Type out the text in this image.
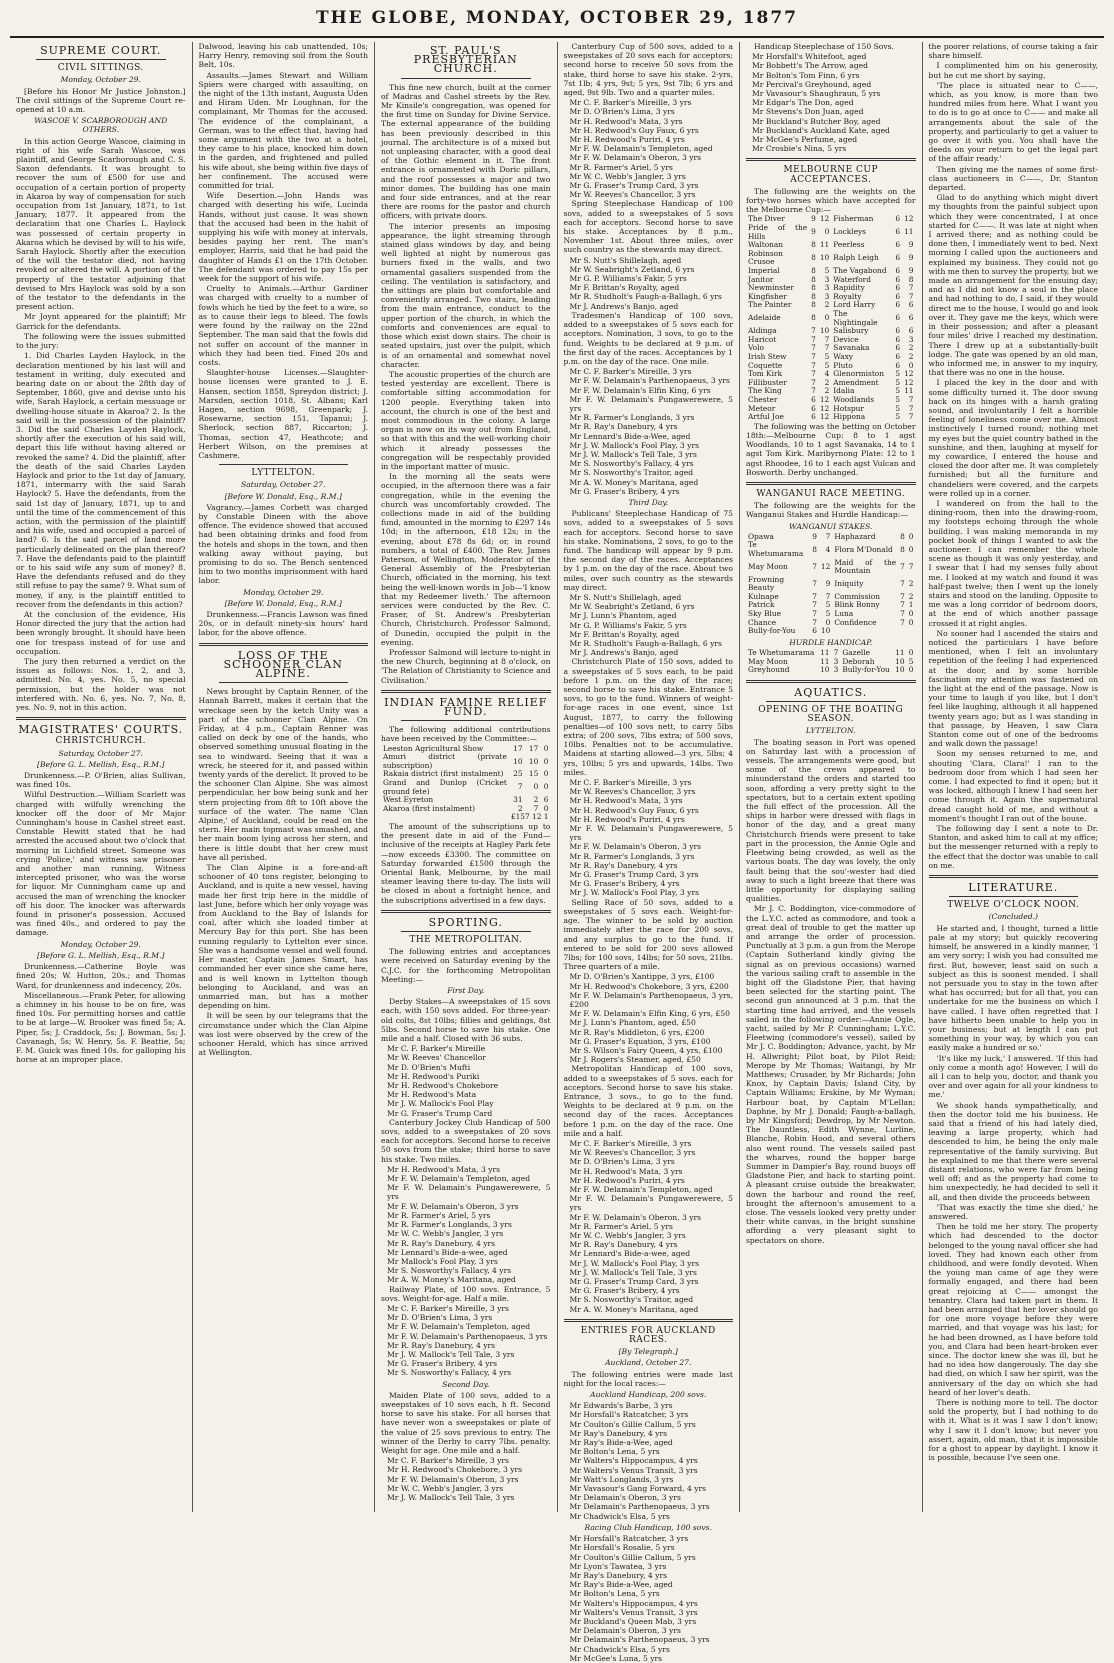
THE GLOBE, MONDAY, OCTOBER 29, 1877
SUPREME COURT.
CIVIL SITTINGS.
Monday, October 29.

[Before his Honor Mr Justice Johnston.] The civil sittings of the Supreme Court re-opened at 10 a.m.

WASCOE V. SCARBOROUGH AND OTHERS.

In this action George Wascoe, claiming in right of his wife Sarah Wascoe, was plaintiff, and George Scarborough and C. S. Saxon defendants. It was brought to recover the sum of £500 for use and occupation of a certain portion of property in Akaroa by way of compensation for such occupation from 1st January, 1871, to 1st January, 1877. It appeared from the declaration that one Charles L. Haylock was possessed of certain property in Akaroa which he devised by will to his wife, Sarah Haylock. Shortly after the execution of the will the testator died, not having revoked or altered the will. A portion of the property of the testator adjoining that devised to Mrs Haylock was sold by a son of the testator to the defendants in the present action.

Mr Joynt appeared for the plaintiff; Mr Garrick for the defendants.

The following were the issues submitted to the jury:

1. Did Charles Layden Haylock, in the declaration mentioned by his last will and testament in writing, duly executed and bearing date on or about the 28th day of September, 1860, give and devise unto his wife, Sarah Haylock, a certain messuage or dwelling-house situate in Akaroa? 2. Is the said will in the possession of the plaintiff? 3. Did the said Charles Layden Haylock, shortly after the execution of his said will, depart this life without having altered or revoked the same? 4. Did the plaintiff, after the death of the said Charles Layden Haylock and prior to the 1st day of January, 1871, intermarry with the said Sarah Haylock? 5. Have the defendants, from the said 1st day of January, 1871, up to and until the time of the commencement of this action, with the permission of the plaintiff and his wife, used and occupied a parcel of land? 6. Is the said parcel of land more particularly delineated on the plan thereof? 7. Have the defendants paid to the plaintiff or to his said wife any sum of money? 8. Have the defendants refused and do they still refuse to pay the same? 9. What sum of money, if any, is the plaintiff entitled to recover from the defendants in this action?

At the conclusion of the evidence, His Honor directed the jury that the action had been wrongly brought. It should have been one for trespass instead of for use and occupation.

The jury then returned a verdict on the issues as follows: Nos. 1, 2, and 3, admitted. No. 4, yes. No. 5, no special permission, but the holder was not interfered with. No. 6, yes. No. 7, No. 8, yes. No. 9, not in this action.

MAGISTRATES' COURTS.
CHRISTCHURCH.
Saturday, October 27.
[Before G. L. Mellish, Esq., R.M.]

Drunkenness.—P. O'Brien, alias Sullivan, was fined 10s.

Wilful Destruction.—William Scarlett was charged with wilfully wrenching the knocker off the door of Mr Major Cunningham's house in Cashel street east. Constable Hewitt stated that he had arrested the accused about two o'clock that morning in Lichfield street. Someone was crying 'Police,' and witness saw prisoner and another man running. Witness intercepted prisoner, who was the worse for liquor. Mr Cunningham came up and accused the man of wrenching the knocker off his door. The knocker was afterwards found in prisoner's possession. Accused was fined 40s., and ordered to pay the damage.

Monday, October 29.
[Before G. L. Mellish, Esq., R.M.]

Drunkenness.—Catherine Boyle was fined 20s; W. Hutton, 20s.; and Thomas Ward, for drunkenness and indecency, 20s.

Miscellaneous.—Frank Peter, for allowing a chimney in his house to be on fire, was fined 10s. For permitting horses and cattle to be at large—W. Brooker was fined 5s; A. Piper, 5s; J. Craddock, 5s; J. Bowman, 5s; J. Cavanagh, 5s; W. Henry, 5s. F. Beattie, 5s; F. M. Guick was fined 10s. for galloping his horse at an improper place.

Dalwood, leaving his cab unattended, 10s; Harry Henry, removing soil from the South Belt, 10s.

Assaults.—James Stewart and William Spiers were charged with assaulting, on the night of the 13th instant, Augusta Uden and Hiram Uden. Mr Loughnan, for the complainant, Mr Thomas for the accused. The evidence of the complainant, a German, was to the effect that, having had some argument with the two at a hotel, they came to his place, knocked him down in the garden, and frightened and pulled his wife about, she being within five days of her confinement. The accused were committed for trial.

Wife Desertion.—John Hands was charged with deserting his wife, Lucinda Hands, without just cause. It was shown that the accused had been in the habit of supplying his wife with money at intervals, besides paying her rent. The man's employer, Harris, said that he had paid the daughter of Hands £1 on the 17th October. The defendant was ordered to pay 15s per week for the support of his wife.

Cruelty to Animals.—Arthur Gardiner was charged with cruelty to a number of fowls which he tied by the feet to a wire, so as to cause their legs to bleed. The fowls were found by the railway on the 22nd September. The man said that the fowls did not suffer on account of the manner in which they had been tied. Fined 20s and costs.

Slaughter-house Licenses.—Slaughter-house licenses were granted to J. E. Hansen, section 1858, Spreydon district; J. Marsden, section 1018, St. Albans; Karl Hagen, section 9698, Greenpark; J. Rosewarne, section 151, Tapanui; J. Sherlock, section 887, Riccarton; J. Thomas, section 47, Heathcote; and Herbert Wilson, on the premises at Cashmere.

LYTTELTON.
Saturday, October 27.
[Before W. Donald, Esq., R.M.]

Vagrancy.—James Corbett was charged by Constable Dineen with the above offence. The evidence showed that accused had been obtaining drinks and food from the hotels and shops in the town, and then walking away without paying, but promising to do so. The Bench sentenced him to two months imprisonment with hard labor.

Monday, October 29.
[Before W. Donald, Esq., R.M.]

Drunkenness.—Francis Lawson was fined 20s, or in default ninety-six hours' hard labor, for the above offence.

LOSS OF THE SCHOONER CLAN ALPINE.

News brought by Captain Renner, of the Hannah Barrett, makes it certain that the wreckage seen by the ketch Unity was a part of the schooner Clan Alpine. On Friday, at 4 p.m., Captain Renner was called on deck by one of the hands, who observed something unusual floating in the sea to windward. Seeing that it was a wreck, he steered for it, and passed within twenty yards of the derelict. It proved to be the schooner Clan Alpine. She was almost perpendicular, her bow being sunk and her stern projecting from 8ft to 10ft above the surface of the water. The name 'Clan Alpine,' of Auckland, could be read on the stern. Her main topmast was smashed, and her main boom lying across her stern, and there is little doubt that her crew must have all perished.

The Clan Alpine is a fore-and-aft schooner of 40 tons register, belonging to Auckland, and is quite a new vessel, having made her first trip here in the middle of last June, before which her only voyage was from Auckland to the Bay of Islands for coal, after which she loaded timber at Mercury Bay for this port. She has been running regularly to Lyttelton ever since. She was a handsome vessel and well found. Her master, Captain James Smart, has commanded her ever since she came here, and is well known in Lyttelton though belonging to Auckland, and was an unmarried man, but has a mother depending on him.

It will be seen by our telegrams that the circumstance under which the Clan Alpine was lost were observed by the crew of the schooner Herald, which has since arrived at Wellington.

ST. PAUL'S PRESBYTERIAN CHURCH.

This fine new church, built at the corner of Madras and Cashel streets by the Rev. Mr Kinsile's congregation, was opened for the first time on Sunday for Divine Service. The external appearance of the building has been previously described in this journal. The architecture is of a mixed but not unpleasing character, with a good deal of the Gothic element in it. The front entrance is ornamented with Doric pillars, and the roof possesses a major and two minor domes. The building has one main and four side entrances, and at the rear there are rooms for the pastor and church officers, with private doors.

The interior presents an imposing appearance, the light streaming through stained glass windows by day, and being well lighted at night by numerous gas burners fixed in the walls, and two ornamental gasaliers suspended from the ceiling. The ventilation is satisfactory, and the sittings are plain but comfortable and conveniently arranged. Two stairs, leading from the main entrance, conduct to the upper portion of the church, in which the comforts and conveniences are equal to those which exist down stairs. The choir is seated upstairs, just over the pulpit, which is of an ornamental and somewhat novel character.

The acoustic properties of the church are tested yesterday are excellent. There is comfortable sitting accommodation for 1200 people. Everything taken into account, the church is one of the best and most commodious in the colony. A large organ is now on its way out from England, so that with this and the well-working choir which it already possesses the congregation will be respectably provided in the important matter of music.

In the morning all the seats were occupied, in the afternoon there was a fair congregation, while in the evening the church was uncomfortably crowded. The collections made in aid of the building fund, amounted in the morning to £297 14s 10d; in the afternoon, £18 12s; in the evening, about £78 8s 6d; or, in round numbers, a total of £400. The Rev. James Paterson, of Wellington, Moderator of the General Assembly of the Presbyterian Church, officiated in the morning, his text being the well-known words in Job—'I know that my Redeemer liveth.' The afternoon services were conducted by the Rev. C. Fraser, of St. Andrew's Presbyterian Church, Christchurch. Professor Salmond, of Dunedin, occupied the pulpit in the evening.

Professor Salmond will lecture to-night in the new Church, beginning at 8 o'clock, on 'The Relation of Christianity to Science and Civilisation.'

INDIAN FAMINE RELIEF FUND.

The following additional contributions have been received by the Committee:—

Leeston Agricultural Show	17	17	0
Amuri district (private subscription)	10	10	0
Rakaia district (first instalment)	25	15	0
Grand and Dunlop (Cricket ground fete)	7	0	0
West Eyreton	31	2	6
Akaroa (first instalment)	2	7	0
	£157 12 1		

The amount of the subscriptions up to the present date in aid of the Fund—inclusive of the receipts at Hagley Park fete—now exceeds £3300. The committee on Saturday forwarded £1500 through the Oriental Bank, Melbourne, by the mail steamer leaving there to-day. The lists will be closed in about a fortnight hence, and the subscriptions advertised in a few days.

SPORTING.
THE METROPOLITAN.

The following entries and acceptances were received on Saturday evening by the C.J.C. for the forthcoming Metropolitan Meeting:—

First Day.

Derby Stakes—A sweepstakes of 15 sovs each, with 150 sovs added. For three-year-old colts, 8st 10lbs; fillies and geldings, 8st 5lbs. Second horse to save his stake. One mile and a half. Closed with 36 subs.

Mr C. F. Barker's Mireille
Mr W. Reeves' Chancellor
Mr D. O'Brien's Mufti
Mr H. Redwood's Puriki
Mr H. Redwood's Chokebore
Mr H. Redwood's Mata
Mr J. W. Mallock's Fool Play
Mr G. Fraser's Trump Card

Canterbury Jockey Club Handicap of 500 sovs, added to a sweepstakes of 20 sovs each for acceptors. Second horse to receive 50 sovs from the stake; third horse to save his stake. Two miles.

Mr H. Redwood's Mata, 3 yrs
Mr F. W. Delamain's Templeton, aged
Mr F. W. Delamain's Pungawerewere, 5 yrs
Mr F. W. Delamain's Oberon, 3 yrs
Mr R. Farmer's Ariel, 5 yrs
Mr R. Farmer's Longlands, 3 yrs
Mr W. C. Webb's Jangler, 3 yrs
Mr R. Ray's Danebury, 4 yrs
Mr Lennard's Bide-a-wee, aged
Mr Mallock's Fool Play, 3 yrs
Mr S. Nosworthy's Fallacy, 4 yrs
Mr A. W. Money's Maritana, aged

Railway Plate, of 100 sovs. Entrance, 5 sovs. Weight-for-age. Half a mile.

Mr C. F. Barker's Mireille, 3 yrs
Mr D. O'Brien's Lima, 3 yrs
Mr F. W. Delamain's Templeton, aged
Mr F. W. Delamain's Parthenopaeus, 3 yrs
Mr R. Ray's Danebury, 4 yrs
Mr J. W. Mallock's Tell Tale, 3 yrs
Mr G. Fraser's Bribery, 4 yrs
Mr S. Nosworthy's Fallacy, 4 yrs
Second Day.

Maiden Plate of 100 sovs, added to a sweepstakes of 10 sovs each, h ft. Second horse to save his stake. For all horses that have never won a sweepstakes or plate of the value of 25 sovs previous to entry. The winner of the Derby to carry 7lbs. penalty. Weight for age. One mile and a half.

Mr C. F. Barker's Mireille, 3 yrs
Mr H. Redwood's Chokebore, 3 yrs
Mr F. W. Delamain's Oberon, 3 yrs
Mr W. C. Webb's Jangler, 3 yrs
Mr J. W. Mallock's Tell Tale, 3 yrs

Canterbury Cup of 500 sovs, added to a sweepstakes of 20 sovs each for acceptors; second horse to receive 50 sovs from the stake, third horse to save his stake. 2-yrs, 7st 1lb; 4 yrs, 9st; 5 yrs, 9st 7lb; 6 yrs and aged, 9st 9lb. Two and a quarter miles.

Mr C. F. Barker's Mireille, 3 yrs
Mr D. O'Brien's Lima, 3 yrs
Mr H. Redwood's Mata, 3 yrs
Mr H. Redwood's Guy Faux, 6 yrs
Mr H. Redwood's Puriri, 4 yrs
Mr F. W. Delamain's Templeton, aged
Mr F. W. Delamain's Oberon, 3 yrs
Mr R. Farmer's Ariel, 5 yrs
Mr W. C. Webb's Jangler, 3 yrs
Mr G. Fraser's Trump Card, 3 yrs
Mr W. Reeves's Chancellor, 3 yrs

Spring Steeplechase Handicap of 100 sovs, added to a sweepstakes of 5 sovs each for acceptors. Second horse to save his stake. Acceptances by 8 p.m., November 1st. About three miles, over such country as the stewards may direct.

Mr S. Nutt's Shillelagh, aged
Mr W. Seabright's Zetland, 6 yrs
Mr G. P. Williams's Fakir, 5 yrs
Mr F. Brittan's Royalty, aged
Mr R. Studholt's Faugh-a-Ballagh, 6 yrs
Mr J. Andrews's Banjo, aged

Tradesmen's Handicap of 100 sovs, added to a sweepstakes of 5 sovs each for acceptors. Nomination, 3 sovs, to go to the fund. Weights to be declared at 9 p.m. of the first day of the races. Acceptances by 1 p.m. on the day of the race. One mile.

Mr C. F. Barker's Mireille, 3 yrs
Mr F. W. Delamain's Parthenopaeus, 3 yrs
Mr F. W. Delamain's Elfin King, 6 yrs
Mr F. W. Delamain's Pungawerewere, 5 yrs
Mr R. Farmer's Longlands, 3 yrs
Mr R. Ray's Danebury, 4 yrs
Mr Lennard's Bide-a-Wee, aged
Mr J. W. Mallock's Fool Play, 3 yrs
Mr J. W. Mallock's Tell Tale, 3 yrs
Mr S. Nosworthy's Fallacy, 4 yrs
Mr S. Nosworthy's Traitor, aged
Mr A. W. Money's Maritana, aged
Mr G. Fraser's Bribery, 4 yrs
Third Day.

Publicans' Steeplechase Handicap of 75 sovs, added to a sweepstakes of 5 sovs each for acceptors. Second horse to save his stake. Nominations, 2 sovs, to go to the fund. The handicap will appear by 9 p.m. the second day of the races. Acceptances by 1 p.m. on the day of the race. About two miles, over such country as the stewards may direct.

Mr S. Nutt's Shillelagh, aged
Mr W. Seabright's Zetland, 6 yrs
Mr J. Lunn's Phantom, aged
Mr G. P. Williams's Fakir, 5 yrs
Mr F. Brittan's Royalty, aged
Mr R. Studholt's Faugh-a-Ballagh, 6 yrs
Mr J. Andrews's Banjo, aged

Christchurch Plate of 150 sovs, added to a sweepstakes of 5 sovs each, to be paid before 1 p.m. on the day of the race; second horse to save his stake. Entrance 5 sovs, to go to the fund. Winners of weight-for-age races in one event, since 1st August, 1877, to carry the following penalties—of 100 sovs nett, to carry 5lbs extra; of 200 sovs, 7lbs extra; of 500 sovs, 10lbs. Penalties not to be accumulative. Maidens at starting allowed—3 yrs, 5lbs; 4 yrs, 10lbs; 5 yrs and upwards, 14lbs. Two miles.

Mr C. F. Barker's Mireille, 3 yrs
Mr W. Reeves's Chancellor, 3 yrs
Mr H. Redwood's Mata, 3 yrs
Mr H. Redwood's Guy Faux, 6 yrs
Mr H. Redwood's Puriri, 4 yrs
Mr F. W. Delamain's Pungawerewere, 5 yrs
Mr F. W. Delamain's Oberon, 3 yrs
Mr R. Farmer's Longlands, 3 yrs
Mr R. Ray's Danebury, 4 yrs
Mr G. Fraser's Trump Card, 3 yrs
Mr G. Fraser's Bribery, 4 yrs
Mr J. W. Mallock's Fool Play, 3 yrs

Selling Race of 50 sovs, added to a sweepstakes of 5 sovs each. Weight-for-age. The winner to be sold by auction immediately after the race for 200 sovs, and any surplus to go to the fund. If entered to be sold for 200 sovs allowed 7lbs; for 100 sovs, 14lbs; for 50 sovs, 21lbs. Three quarters of a mile.

Mr D. O'Brien's Xantippe, 3 yrs, £100
Mr H. Redwood's Chokebore, 3 yrs, £200
Mr F. W. Delamain's Parthenopaeus, 3 yrs, £200
Mr F. W. Delamain's Elfin King, 6 yrs, £50
Mr J. Lunn's Phantom, aged, £50
Mr R. Ray's Middleton, 6 yrs, £200
Mr G. Fraser's Equation, 3 yrs, £100
Mr S. Wilson's Fairy Queen, 4 yrs, £100
Mr J. Rogers's Steamer, aged, £50

Metropolitan Handicap of 100 sovs, added to a sweepstakes of 5 sovs. each for acceptors. Second horse to save his stake. Entrance, 3 sovs., to go to the fund. Weights to be declared at 9 p.m. on the second day of the races. Acceptances before 1 p.m. on the day of the race. One mile and a half.

Mr C. F. Barker's Mireille, 3 yrs
Mr W. Reeves's Chancellor, 3 yrs
Mr D. O'Brien's Lima, 3 yrs
Mr H. Redwood's Mata, 3 yrs
Mr H. Redwood's Puriri, 4 yrs
Mr F. W. Delamain's Templeton, aged
Mr F. W. Delamain's Pungawerewere, 5 yrs
Mr F. W. Delamain's Oberon, 3 yrs
Mr R. Farmer's Ariel, 5 yrs
Mr W. C. Webb's Jangler, 3 yrs
Mr R. Ray's Danebury, 4 yrs
Mr Lennard's Bide-a-wee, aged
Mr J. W. Mallock's Fool Play, 3 yrs
Mr J. W. Mallock's Tell Tale, 3 yrs
Mr G. Fraser's Trump Card, 3 yrs
Mr G. Fraser's Bribery, 4 yrs
Mr S. Nosworthy's Traitor, aged
Mr A. W. Money's Maritana, aged
ENTRIES FOR AUCKLAND RACES.
[By Telegraph.]
Auckland, October 27.

The following entries were made last night for the local races:—

Auckland Handicap, 200 sovs.
Mr Edwards's Barbe, 3 yrs
Mr Horsfall's Ratcatcher, 3 yrs
Mr Coulton's Gillie Callum, 5 yrs
Mr Ray's Danebury, 4 yrs
Mr Ray's Bide-a-Wee, aged
Mr Bolton's Lena, 5 yrs
Mr Walters's Hippocampus, 4 yrs
Mr Walters's Venus Transit, 3 yrs
Mr Watt's Longlands, 3 yrs
Mr Vavasour's Gang Forward, 4 yrs
Mr Delamain's Oberon, 3 yrs
Mr Delamain's Parthenopaeus, 3 yrs
Mr Chadwick's Elsa, 5 yrs
Racing Club Handicap, 100 sovs.
Mr Horsfall's Ratcatcher, 3 yrs
Mr Horsfall's Rosalie, 5 yrs
Mr Coulton's Gillie Callum, 5 yrs
Mr Lyon's Tawatea, 3 yrs
Mr Ray's Danebury, 4 yrs
Mr Ray's Bide-a-Wee, aged
Mr Bolton's Lena, 5 yrs
Mr Walters's Hippocampus, 4 yrs
Mr Walters's Venus Transit, 3 yrs
Mr Buckland's Queen Mab, 3 yrs
Mr Delamain's Oberon, 3 yrs
Mr Delamain's Parthenopaeus, 3 yrs
Mr Chadwick's Elsa, 5 yrs
Mr McGee's Luna, 5 yrs

Handicap Steeplechase of 150 Sovs.

Mr Horsfall's Whitefoot, aged
Mr Bobbett's The Arrow, aged
Mr Bolton's Tom Finn, 6 yrs
Mr Percival's Greyhound, aged
Mr Vavasour's Shaughraun, 5 yrs
Mr Edgar's The Don, aged
Mr Stevens's Don Juan, aged
Mr Buckland's Butcher Boy, aged
Mr Buckland's Auckland Kate, aged
Mr McGee's Perfume, aged
Mr Crosbie's Nina, 5 yrs
MELBOURNE CUP ACCEPTANCES.

The following are the weights on the forty-two horses which have accepted for the Melbourne Cup:—

The Diver	9	12	Fisherman	6	12
Pride of the Hills	9	0	Lockleys	6	11
Waltonan	8	11	Peerless	6	9
Robinson Crusoe	8	10	Ralph Leigh	6	9
Imperial	8	5	The Vagabond	6	9
Janitor	8	3	Waterford	6	8
Newminster	8	3	Rapidity	6	7
Kingfisher	8	3	Royalty	6	7
The Painter	8	2	Lord Harry	6	6
Adelaide	8	0	The Nightingale	6	6
Aldinga	7	10	Salisbury	6	6
Haricot	7	7	Device	6	3
Volo	7	7	Savanaka	6	2
Irish Stew	7	5	Waxy	6	2
Coquette	7	5	Pluto	6	0
Tom Kirk	7	4	Glenormiston	5	12
Fillibuster	7	2	Amendment	5	12
The King	7	2	Idalia	5	11
Chester	6	12	Woodlands	5	7
Meteor	6	12	Hotspur	5	7
Artful Joe	6	12	Hippona	5	7

The following was the betting on October 18th:—Melbourne Cup: 8 to 1 agst Woodlands, 10 to 1 agst Savanaka, 14 to 1 agst Tom Kirk. Maribyrnong Plate: 12 to 1 agst Rhoodee, 16 to 1 each agst Vulcan and Bosworth. Derby unchanged.

WANGANUI RACE MEETING.

The following are the weights for the Wanganui Stakes and Hurdle Handicap:—

WANGANUI STAKES.
Opawa	9	7	Haphazard	8	0
Te Whetumarama	8	4	Flora M'Donald	8	0
May Moon	7	12	Maid of the Mountain	7	7
Frowning Beauty	7	9	Iniquity	7	2
Kulnape	7	7	Commission	7	2
Patrick	7	5	Blink Bonny	7	1
Sky Blue	7	5	Luna	7	0
Chance	7	0	Confidence	7	0
Bully-for-You	6	10			
HURDLE HANDICAP.
Te Whetumarama	11	7	Gazelle	11	0
May Moon	11	3	Deborah	10	5
Greyhound	10	3	Bully-for-You	10	0
AQUATICS.
OPENING OF THE BOATING SEASON.
LYTTELTON.

The boating season in Port was opened on Saturday last with a procession of vessels. The arrangements were good, but some of the crews appeared to misunderstand the orders and started too soon, affording a very pretty sight to the spectators, but to a certain extent spoiling the full effect of the procession. All the ships in harbor were dressed with flags in honor of the day, and a great many Christchurch friends were present to take part in the procession, the Annie Ogle and Fleetwing being crowded, as well as the various boats. The day was lovely, the only fault being that the sou'-wester had died away to such a light breeze that there was little opportunity for displaying sailing qualities.

Mr J. C. Boddington, vice-commodore of the L.Y.C. acted as commodore, and took a great deal of trouble to get the matter up and arrange the order of procession. Punctually at 3 p.m. a gun from the Merope (Captain Sutherland kindly giving the signal as on previous occasions) warned the various sailing craft to assemble in the bight off the Gladstone Pier, that having been selected for the starting point. The second gun announced at 3 p.m. that the starting time had arrived, and the vessels sailed in the following order:—Annie Ogle, yacht, sailed by Mr P. Cunningham; L.Y.C. Fleetwing (commodore's vessel), sailed by Mr J. C. Boddington; Advance, yacht, by Mr H. Allwright; Pilot boat, by Pilot Reid; Merope by Mr Thomas; Waitangi, by Mr Matthews; Crusader, by Mr Richards; John Knox, by Captain Davis; Island City, by Captain Williams; Erskine, by Mr Wyman; Harbour boat, by Captain M'Lellan; Daphne, by Mr J. Donald; Faugh-a-ballagh, by Mr Kingsford; Dewdrop, by Mr Newton. The Dauntless, Edith Wynne, Lurline, Blanche, Robin Hood, and several others also went round. The vessels sailed past the wharves, round the hopper barge Summer in Dampier's Bay, round buoys off Gladstone Pier, and back to starting point. A pleasant cruise outside the breakwater, down the harbour and round the reef, brought the afternoon's amusement to a close. The vessels looked very pretty under their white canvas, in the bright sunshine affording a very pleasant sight to spectators on shore.

the poorer relations, of course taking a fair share himself.

I complimented him on his generosity, but he cut me short by saying,

'The place is situated near to C——, which, as you know, is more than two hundred miles from here. What I want you to do is to go at once to C—— and make all arrangements about the sale of the property, and particularly to get a valuer to go over it with you. You shall have the deeds on your return to get the legal part of the affair ready.'

Then giving me the names of some first-class auctioneers in C——, Dr. Stanton departed.

Glad to do anything which might divert my thoughts from the painful subject upon which they were concentrated, I at once started for C——. It was late at night when I arrived there; and as nothing could be done then, I immediately went to bed. Next morning I called upon the auctioneers and explained my business. They could not go with me then to survey the property, but we made an arrangement for the ensuing day; and as I did not know a soul in the place and had nothing to do, I said, if they would direct me to the house, I would go and look over it. They gave me the keys, which were in their possession; and after a pleasant four miles' drive I reached my destination. There I drew up at a substantially-built lodge. The gate was opened by an old man, who informed me, in answer to my inquiry, that there was no one in the house.

I placed the key in the door and with some difficulty turned it. The door swung back on its hinges with a harsh grating sound, and involuntarily I felt a horrible feeling of loneliness come over me. Almost instinctively I turned round; nothing met my eyes but the quiet country bathed in the sunshine, and then, laughing at myself for my cowardice, I entered the house and closed the door after me. It was completely furnished; but all the furniture and chandeliers were covered, and the carpets were rolled up in a corner.

I wandered on from the hall to the dining-room, then into the drawing-room, my footsteps echoing through the whole building. I was making memoranda in my pocket book of things I wanted to ask the auctioneer. I can remember the whole scene as though it was only yesterday, and I swear that I had my senses fully about me. I looked at my watch and found it was half-past twelve; then I went up the lonely stairs and stood on the landing. Opposite to me was a long corridor of bedroom doors, at the end of which another passage crossed it at right angles.

No sooner had I ascended the stairs and noticed the particulars I have before mentioned, when I felt an involuntary repetition of the feeling I had experienced at the door, and by some horrible fascination my attention was fastened on the light at the end of the passage. Now is your time to laugh if you like, but I don't feel like laughing, although it all happened twenty years ago; but as I was standing in that passage, by Heaven, I saw Clara Stanton come out of one of the bedrooms and walk down the passage!

Soon my senses returned to me, and shouting 'Clara, Clara!' I ran to the bedroom door from which I had seen her come. I had expected to find it open; but it was locked, although I knew I had seen her come through it. Again the supernatural dread caught hold of me, and without a moment's thought I ran out of the house.

The following day I sent a note to Dr. Stanton, and asked him to call at my office; but the messenger returned with a reply to the effect that the doctor was unable to call on me.

LITERATURE.
TWELVE O'CLOCK NOON.
(Concluded.)

He started and, I thought, turned a little pale at my story; but quickly recovering himself, he answered in a kindly manner, 'I am very sorry; I wish you had consulted me first. But, however, least said on such a subject as this is soonest mended. I shall not persuade you to stay in the town after what has occurred; but for all that, you can undertake for me the business on which I have called. I have often regretted that I have hitherto been unable to help you in your business; but at length I can put something in your way, by which you can easily make a hundred or so.'

'It's like my luck,' I answered. 'If this had only come a month ago! However, I will do all I can to help you, doctor, and thank you over and over again for all your kindness to me.'

We shook hands sympathetically, and then the doctor told me his business. He said that a friend of his had lately died, leaving a large property, which had descended to him, he being the only male representative of the family surviving. But he explained to me that there were several distant relations, who were far from being well off; and as the property had come to him unexpectedly, he had decided to sell it all, and then divide the proceeds between

'That was exactly the time she died,' he answered.

Then he told me her story. The property which had descended to the doctor belonged to the young naval officer she had loved. They had known each other from childhood, and were fondly devoted. When the young man came of age they were formally engaged, and there had been great rejoicing at C—— amongst the tenantry. Clara had taken part in them. It had been arranged that her lover should go for one more voyage before they were married, and that voyage was his last; for he had been drowned, as I have before told you, and Clara had been heart-broken ever since. The doctor knew she was ill, but he had no idea how dangerously. The day she had died, on which I saw her spirit, was the anniversary of the day on which she had heard of her lover's death.

There is nothing more to tell. The doctor sold the property, but I had nothing to do with it. What is it was I saw I don't know; why I saw it I don't know; but never you assert, again, old man, that it is impossible for a ghost to appear by daylight. I know it is possible, because I've seen one.
